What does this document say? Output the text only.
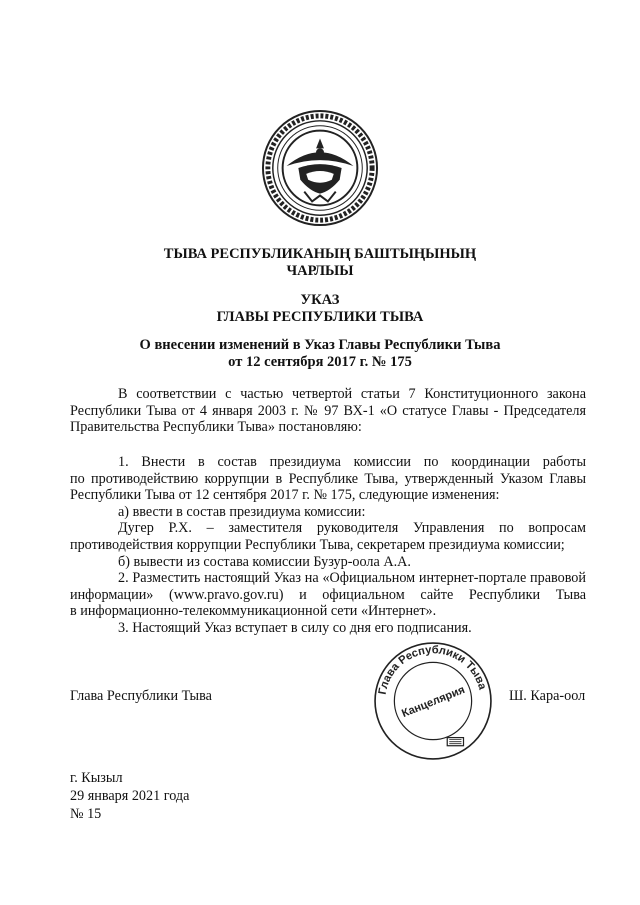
ТЫВА РЕСПУБЛИКАНЫҢ БАШТЫҢЫНЫҢ
ЧАРЛЫЫ
УКАЗ
ГЛАВЫ РЕСПУБЛИКИ ТЫВА
О внесении изменений в Указ Главы Республики Тыва
от 12 сентября 2017 г. № 175

В соответствии с частью четвертой статьи 7 Конституционного закона

Республики Тыва от 4 января 2003 г. № 97 ВХ-1 «О статусе Главы - Председателя

Правительства Республики Тыва» постановляю:

1. Внести в состав президиума комиссии по координации работы

по противодействию коррупции в Республике Тыва, утвержденный Указом Главы

Республики Тыва от 12 сентября 2017 г. № 175, следующие изменения:

а) ввести в состав президиума комиссии:

Дугер Р.Х. – заместителя руководителя Управления по вопросам

противодействия коррупции Республики Тыва, секретарем президиума комиссии;

б) вывести из состава комиссии Бузур-оола А.А.

2. Разместить настоящий Указ на «Официальном интернет-портале правовой

информации» (www.pravo.gov.ru) и официальном сайте Республики Тыва

в информационно-телекоммуникационной сети «Интернет».

3. Настоящий Указ вступает в силу со дня его подписания.

Глава Республики Тыва	Глава Республики Тыва
Канцелярия	Ш. Кара-оол
г. Кызыл
29 января 2021 года
№ 15
